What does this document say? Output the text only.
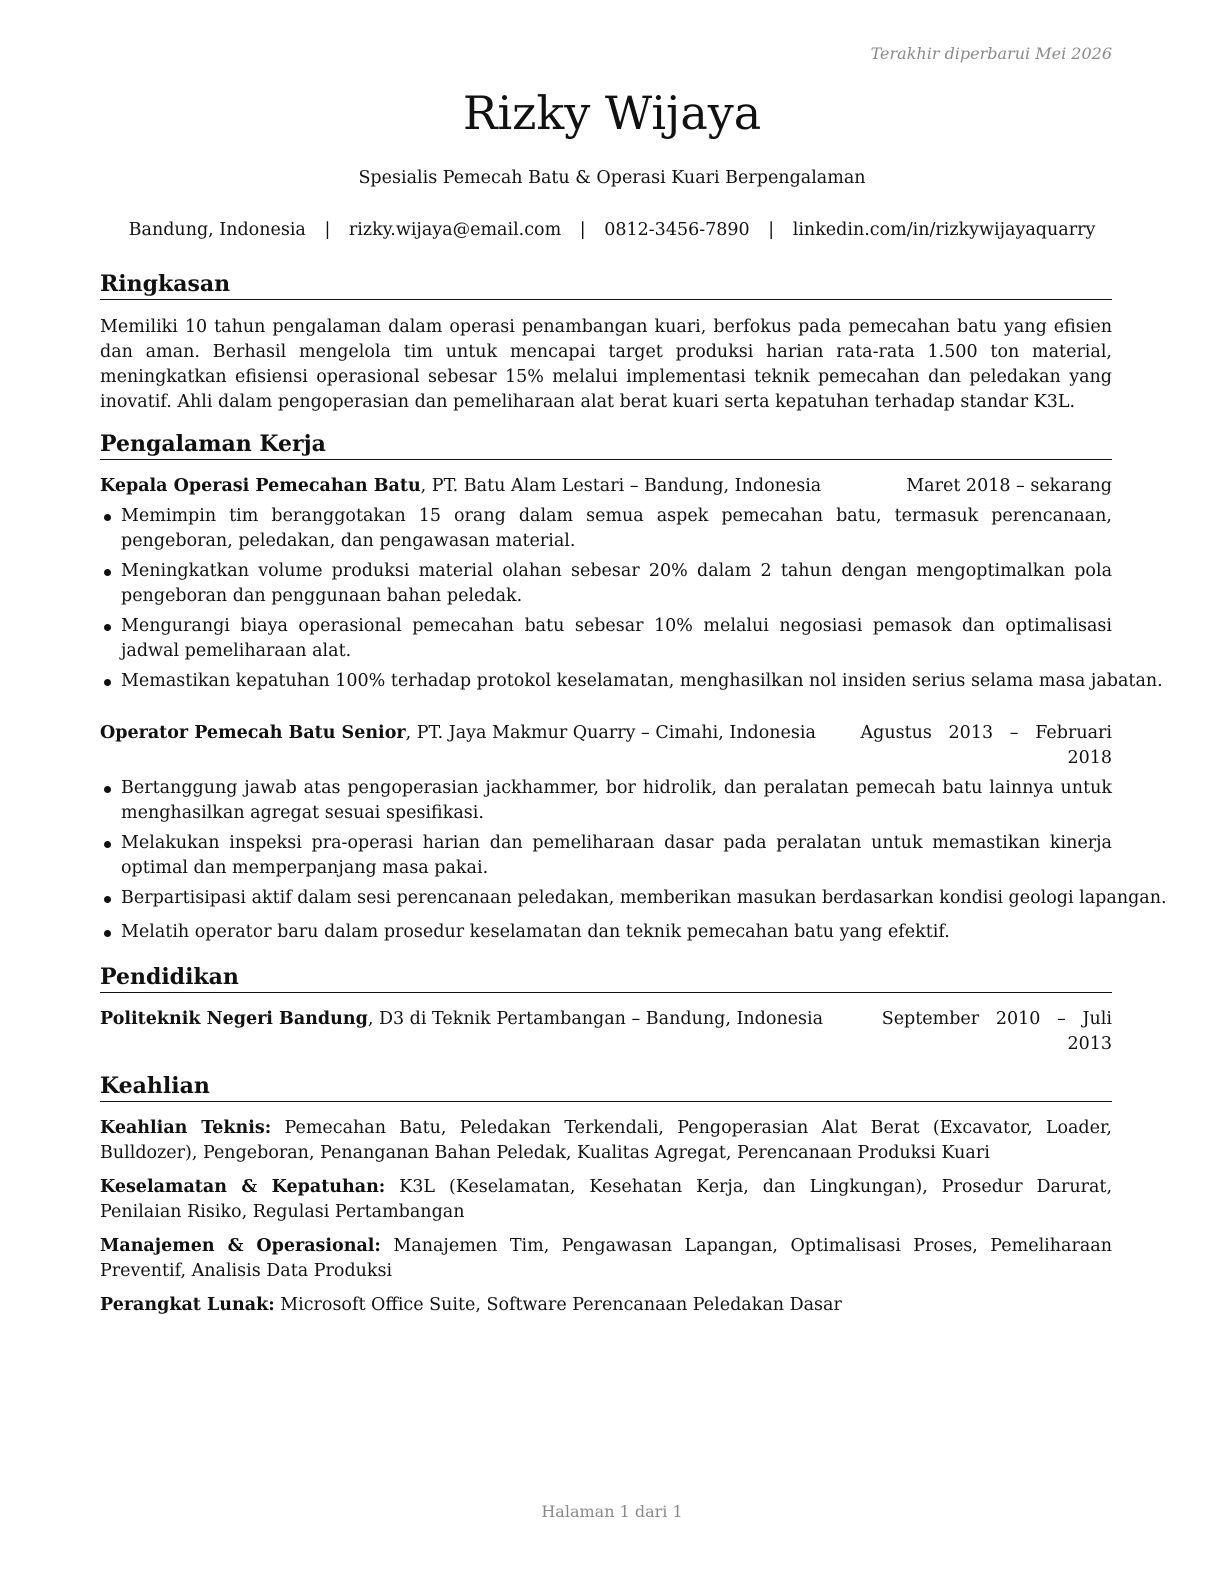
Terakhir diperbarui Mei 2026
Rizky Wijaya
Spesialis Pemecah Batu & Operasi Kuari Berpengalaman
Bandung, Indonesia | rizky.wijaya@email.com | 0812-3456-7890 | linkedin.com/in/rizkywijayaquarry
Ringkasan

Memiliki 10 tahun pengalaman dalam operasi penambangan kuari, berfokus pada pemecahan batu yang efisien dan aman. Berhasil mengelola tim untuk mencapai target produksi harian rata-rata 1.500 ton material, meningkatkan efisiensi operasional sebesar 15% melalui implementasi teknik pemecahan dan peledakan yang inovatif. Ahli dalam pengoperasian dan pemeliharaan alat berat kuari serta kepatuhan terhadap standar K3L.

Pengalaman Kerja
Kepala Operasi Pemecahan Batu, PT. Batu Alam Lestari – Bandung, Indonesia	Maret 2018 – sekarang
Memimpin tim beranggotakan 15 orang dalam semua aspek pemecahan batu, termasuk perencanaan, pengeboran, peledakan, dan pengawasan material.
Meningkatkan volume produksi material olahan sebesar 20% dalam 2 tahun dengan mengoptimalkan pola pengeboran dan penggunaan bahan peledak.
Mengurangi biaya operasional pemecahan batu sebesar 10% melalui negosiasi pemasok dan optimalisasi jadwal pemeliharaan alat.
Memastikan kepatuhan 100% terhadap protokol keselamatan, menghasilkan nol insiden serius selama masa jabatan.
Operator Pemecah Batu Senior, PT. Jaya Makmur Quarry – Cimahi, Indonesia	Agustus   2013   –   Februari
2018
Bertanggung jawab atas pengoperasian jackhammer, bor hidrolik, dan peralatan pemecah batu lainnya untuk menghasilkan agregat sesuai spesifikasi.
Melakukan inspeksi pra-operasi harian dan pemeliharaan dasar pada peralatan untuk memastikan kinerja optimal dan memperpanjang masa pakai.
Berpartisipasi aktif dalam sesi perencanaan peledakan, memberikan masukan berdasarkan kondisi geologi lapangan.
Melatih operator baru dalam prosedur keselamatan dan teknik pemecahan batu yang efektif.
Pendidikan
Politeknik Negeri Bandung, D3 di Teknik Pertambangan – Bandung, Indonesia	September   2010   –   Juli
2013
Keahlian

Keahlian Teknis: Pemecahan Batu, Peledakan Terkendali, Pengoperasian Alat Berat (Excavator, Loader, Bulldozer), Pengeboran, Penanganan Bahan Peledak, Kualitas Agregat, Perencanaan Produksi Kuari

Keselamatan & Kepatuhan: K3L (Keselamatan, Kesehatan Kerja, dan Lingkungan), Prosedur Darurat, Penilaian Risiko, Regulasi Pertambangan

Manajemen & Operasional: Manajemen Tim, Pengawasan Lapangan, Optimalisasi Proses, Pemeliharaan Preventif, Analisis Data Produksi

Perangkat Lunak: Microsoft Office Suite, Software Perencanaan Peledakan Dasar

Halaman 1 dari 1
